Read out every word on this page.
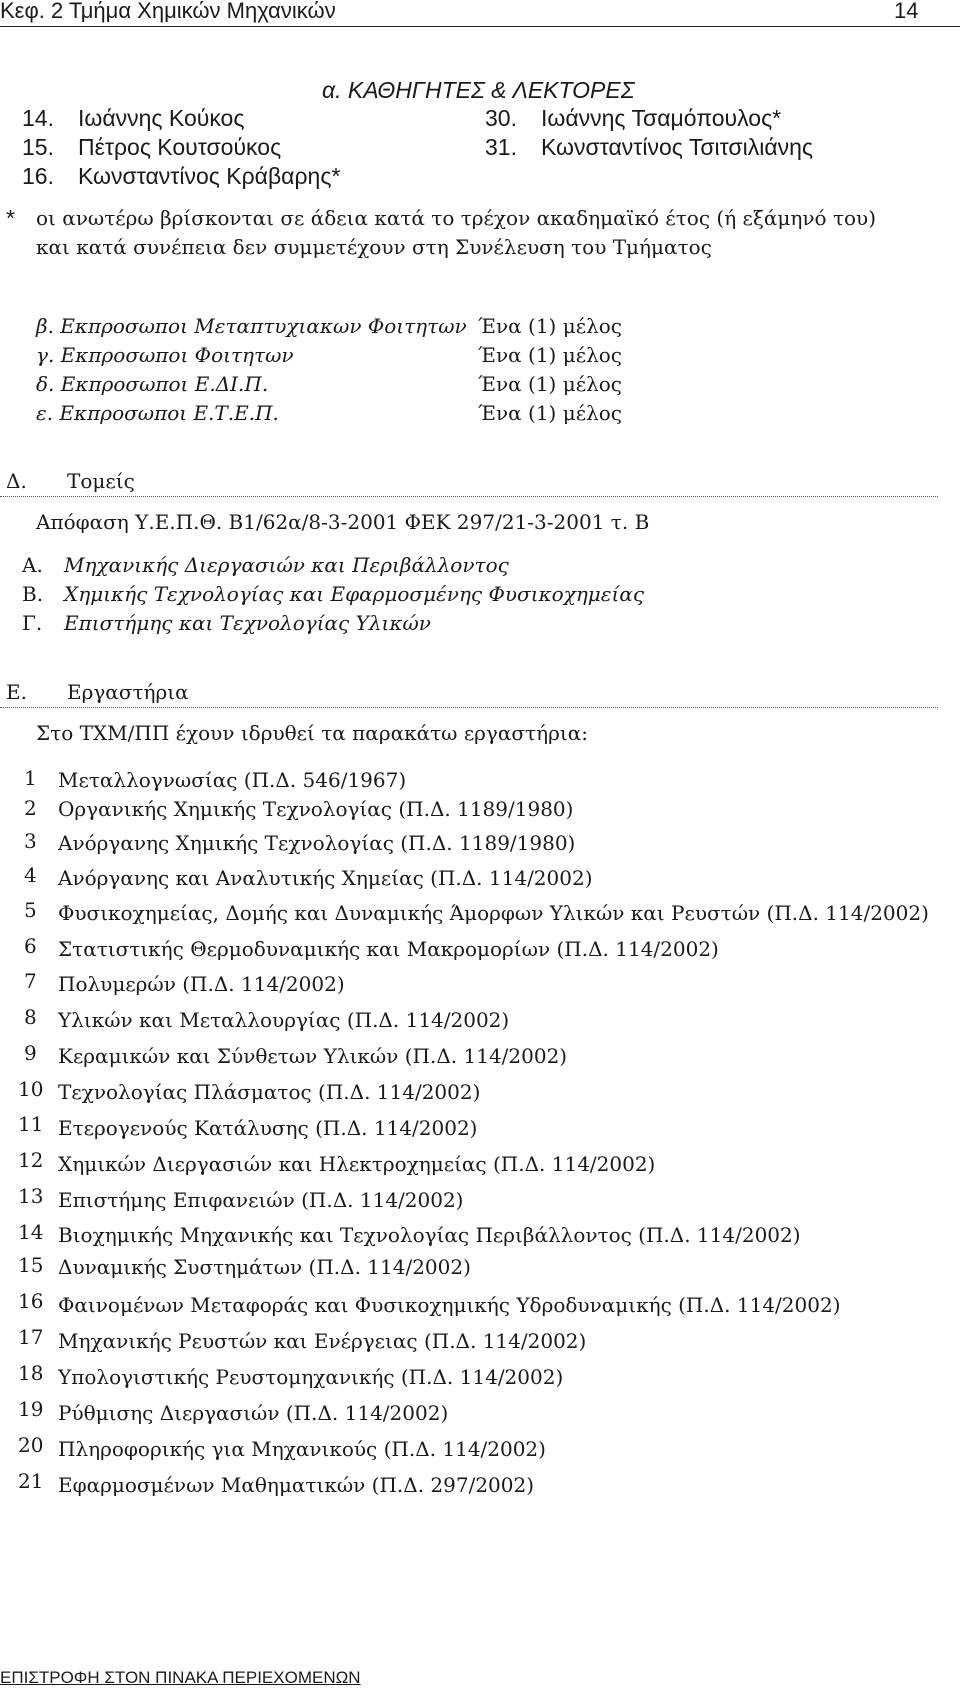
Κεφ. 2 Τμήμα Χημικών Μηχανικών	14
α. ΚΑΘΗΓΗΤΕΣ & ΛΕΚΤΟΡΕΣ
14. Ιωάννης Κούκος
15. Πέτρος Κουτσούκος
16. Κωνσταντίνος Κράβαρης*
30. Ιωάννης Τσαμόπουλος*
31. Κωνσταντίνος Τσιτσιλιάνης
* οι ανωτέρω βρίσκονται σε άδεια κατά το τρέχον ακαδημαϊκό έτος (ή εξάμηνό του)
και κατά συνέπεια δεν συμμετέχουν στη Συνέλευση του Τμήματος
β. Εκπροσωποι Μεταπτυχιακων Φοιτητων Ένα (1) μέλος
γ. Εκπροσωποι Φοιτητων	Ένα (1) μέλος
δ. Εκπροσωποι Ε.ΔΙ.Π.	Ένα (1) μέλος
ε. Εκπροσωποι Ε.Τ.Ε.Π.	Ένα (1) μέλος
Δ. Τομείς
Απόφαση Υ.Ε.Π.Θ. Β1/62α/8-3-2001 ΦΕΚ 297/21-3-2001 τ. Β
Α. Μηχανικής Διεργασιών και Περιβάλλοντος
Β. Χημικής Τεχνολογίας και Εφαρμοσμένης Φυσικοχημείας
Γ. Επιστήμης και Τεχνολογίας Υλικών
Ε. Εργαστήρια
Στο ΤΧΜ/ΠΠ έχουν ιδρυθεί τα παρακάτω εργαστήρια:
1 Μεταλλογνωσίας (Π.Δ. 546/1967)
2 Οργανικής Χημικής Τεχνολογίας (Π.Δ. 1189/1980)
3 Ανόργανης Χημικής Τεχνολογίας (Π.Δ. 1189/1980)
4 Ανόργανης και Αναλυτικής Χημείας (Π.Δ. 114/2002)
5 Φυσικοχημείας, Δομής και Δυναμικής Άμορφων Υλικών και Ρευστών (Π.Δ. 114/2002)
6 Στατιστικής Θερμοδυναμικής και Μακρομορίων (Π.Δ. 114/2002)
7 Πολυμερών (Π.Δ. 114/2002)
8 Υλικών και Μεταλλουργίας (Π.Δ. 114/2002)
9 Κεραμικών και Σύνθετων Υλικών (Π.Δ. 114/2002)
10 Τεχνολογίας Πλάσματος (Π.Δ. 114/2002)
11 Ετερογενούς Κατάλυσης (Π.Δ. 114/2002)
12 Χημικών Διεργασιών και Ηλεκτροχημείας (Π.Δ. 114/2002)
13 Επιστήμης Επιφανειών (Π.Δ. 114/2002)
14 Βιοχημικής Μηχανικής και Τεχνολογίας Περιβάλλοντος (Π.Δ. 114/2002)
15 Δυναμικής Συστημάτων (Π.Δ. 114/2002)
16 Φαινομένων Μεταφοράς και Φυσικοχημικής Υδροδυναμικής (Π.Δ. 114/2002)
17 Μηχανικής Ρευστών και Ενέργειας (Π.Δ. 114/2002)
18 Υπολογιστικής Ρευστομηχανικής (Π.Δ. 114/2002)
19 Ρύθμισης Διεργασιών (Π.Δ. 114/2002)
20 Πληροφορικής για Μηχανικούς (Π.Δ. 114/2002)
21 Εφαρμοσμένων Μαθηματικών (Π.Δ. 297/2002)
ΕΠΙΣΤΡΟΦΗ ΣΤΟΝ ΠΙΝΑΚΑ ΠΕΡΙΕΧΟΜΕΝΩΝ
